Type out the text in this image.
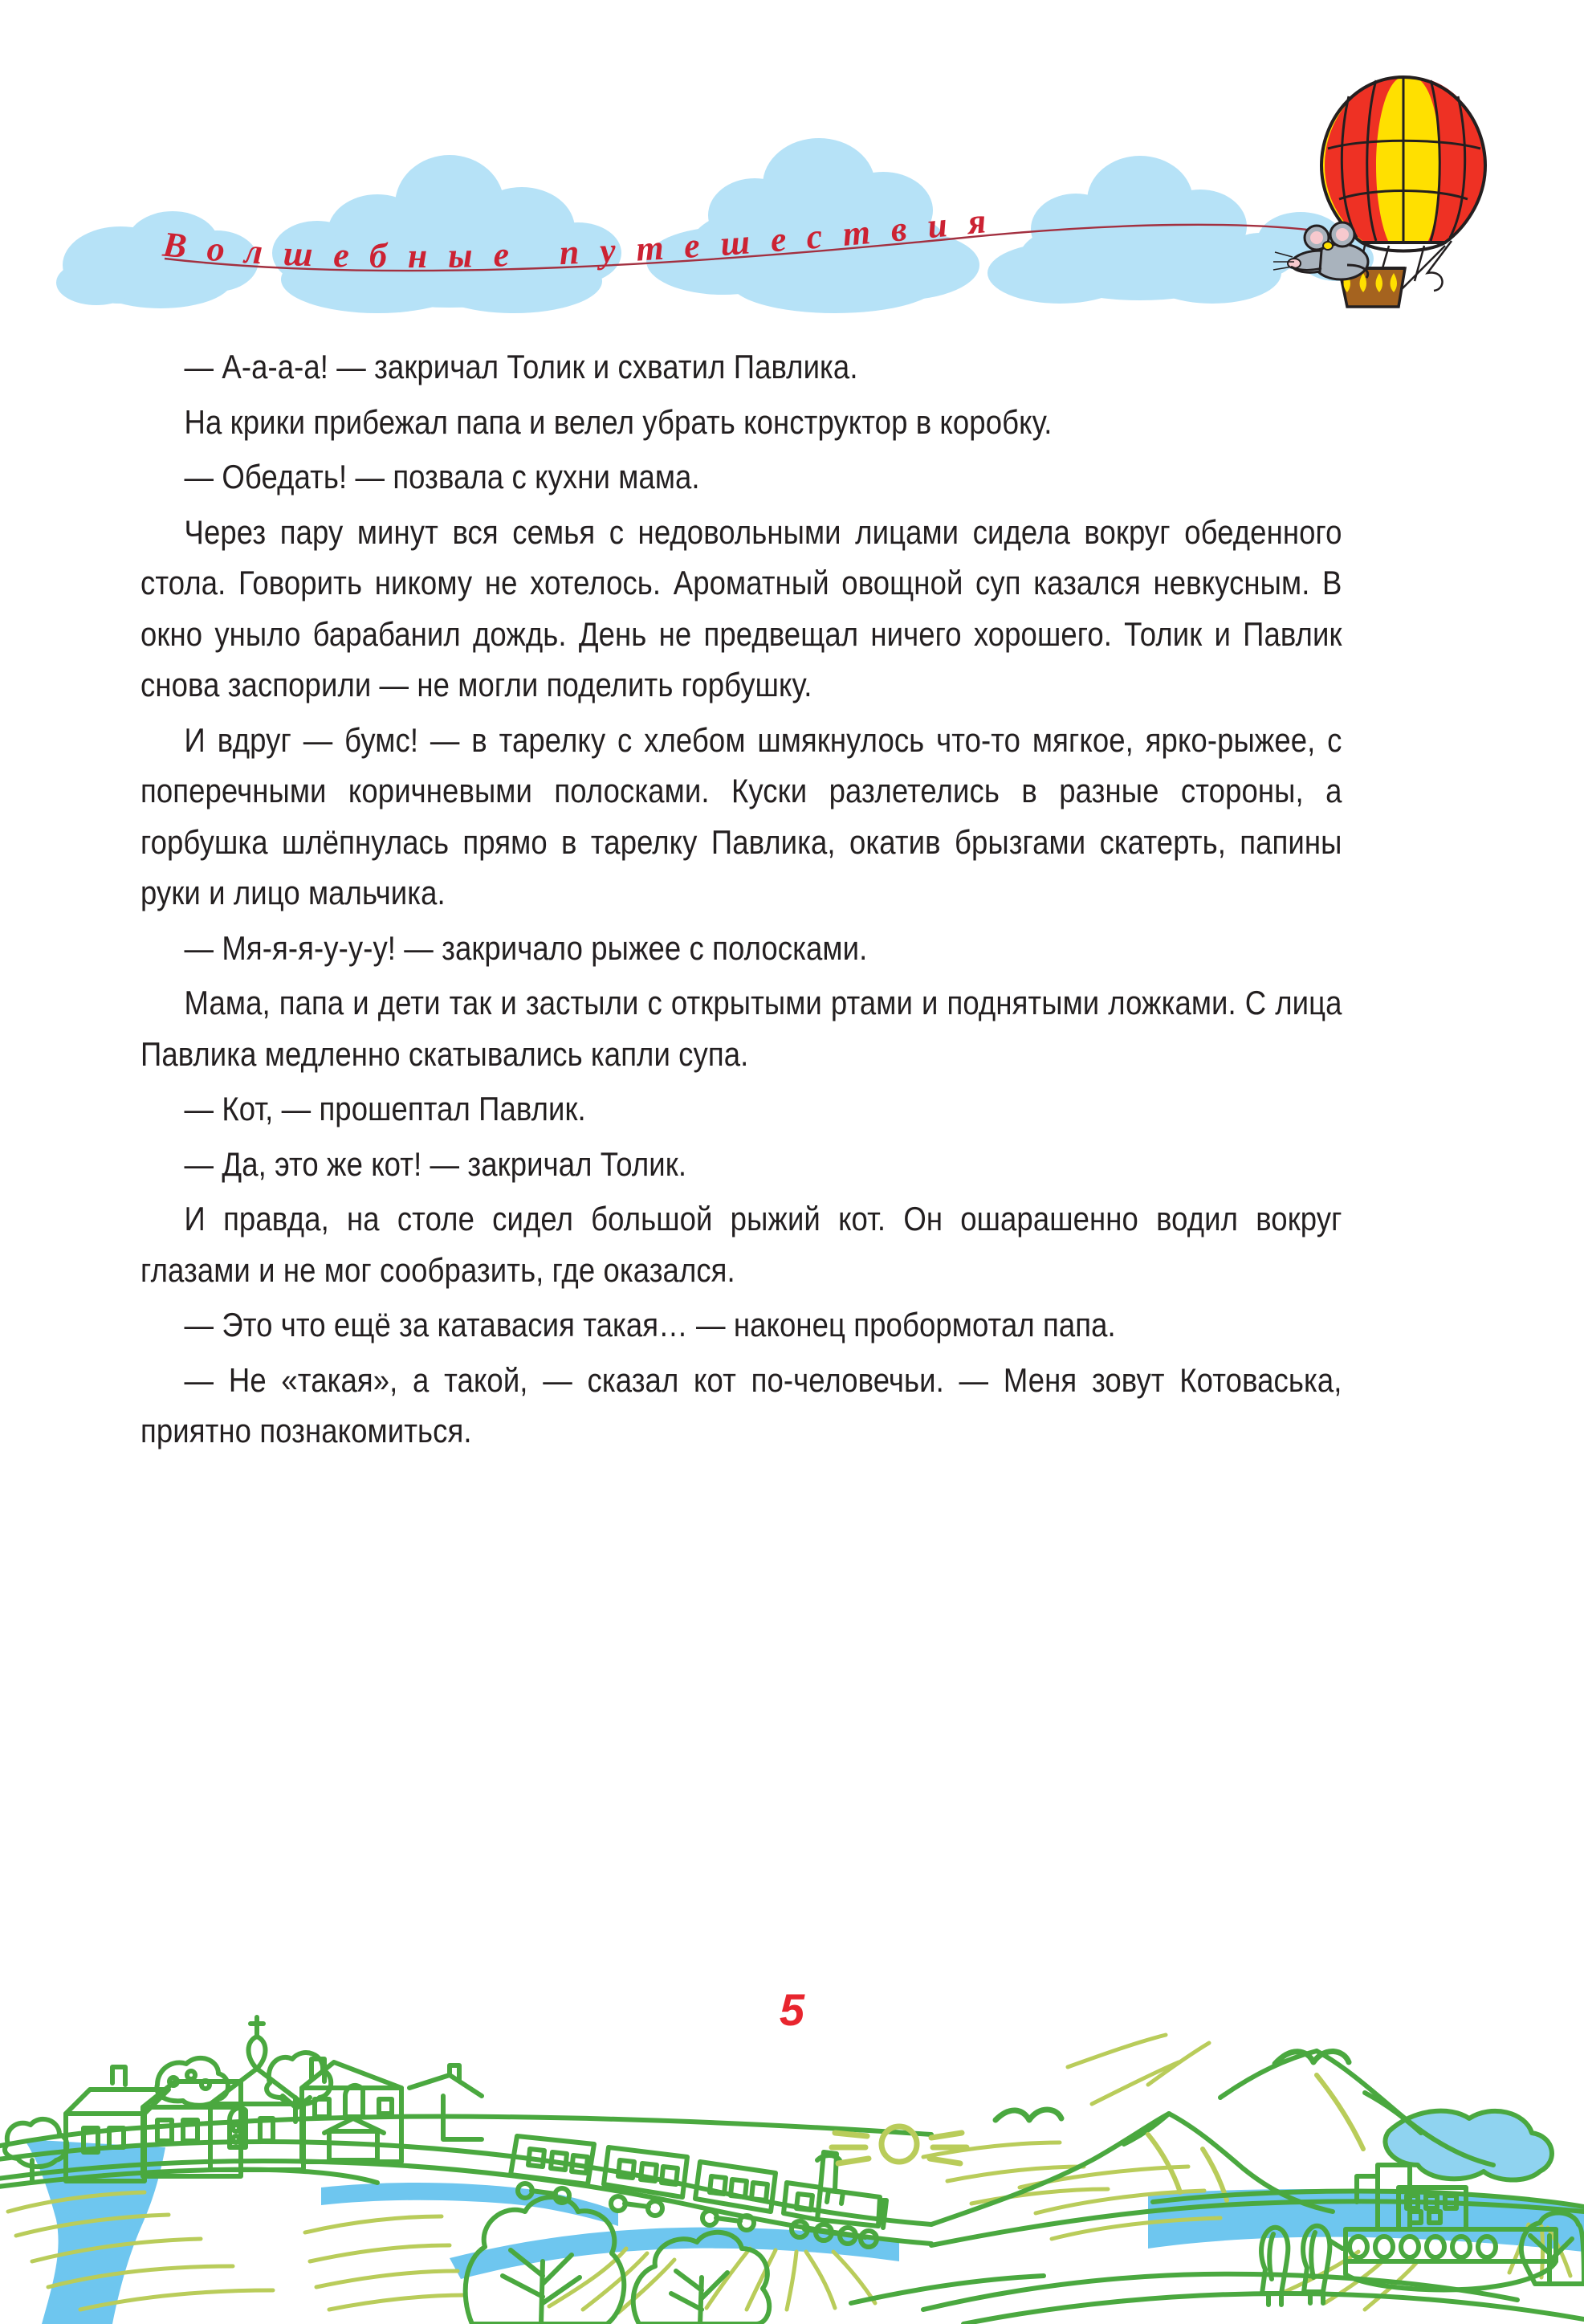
Волшебные путешествия

— А-а-а-а! — закричал Толик и схватил Павлика.

На крики прибежал папа и велел убрать конструктор в коробку.

— Обедать! — позвала с кухни мама.

Через пару минут вся семья с недовольными лицами сидела вокруг обеденного стола. Говорить никому не хотелось. Ароматный овощной суп казался невкусным. В окно уныло барабанил дождь. День не предвещал ничего хорошего. Толик и Павлик снова заспорили — не могли поделить горбушку.

И вдруг — бумс! — в тарелку с хлебом шмякнулось что-то мягкое, ярко-рыжее, с поперечными коричневыми полосками. Куски разлетелись в разные стороны, а горбушка шлёпнулась прямо в тарелку Павлика, окатив брызгами скатерть, папины руки и лицо мальчика.

— Мя-я-я-у-у-у! — закричало рыжее с полосками.

Мама, папа и дети так и застыли с открытыми ртами и поднятыми ложками. С лица Павлика медленно скатывались капли супа.

— Кот, — прошептал Павлик.

— Да, это же кот! — закричал Толик.

И правда, на столе сидел большой рыжий кот. Он ошарашенно водил вокруг глазами и не мог сообразить, где оказался.

— Это что ещё за катавасия такая… — наконец пробормотал папа.

— Не «такая», а такой, — сказал кот по-человечьи. — Меня зовут Котоваська, приятно познакомиться.

5
